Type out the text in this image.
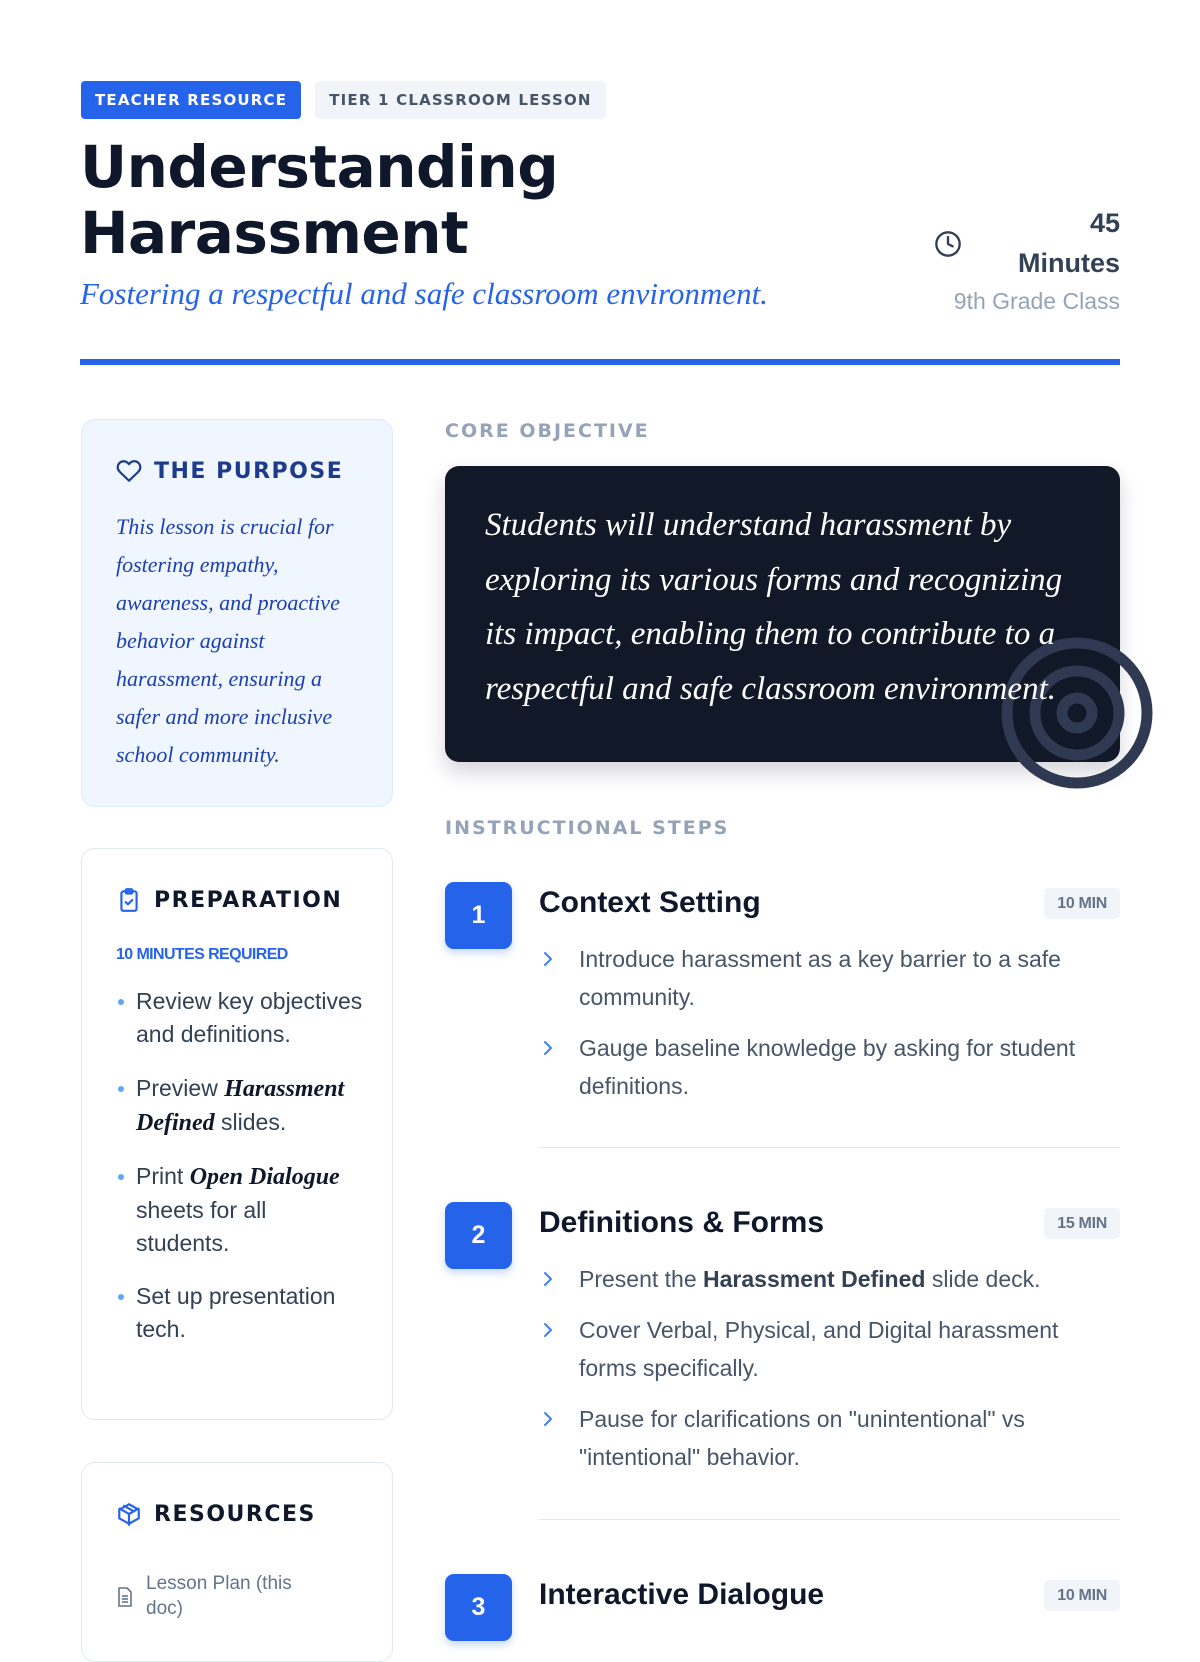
TEACHER RESOURCE	TIER 1 CLASSROOM LESSON
Understanding
Harassment
Fostering a respectful and safe classroom environment.
45
Minutes
9th Grade Class
THE PURPOSE

This lesson is crucial for fostering empathy, awareness, and proactive behavior against harassment, ensuring a safer and more inclusive school community.

PREPARATION
10 MINUTES REQUIRED
Review key objectives and definitions.
Preview Harassment Defined slides.
Print Open Dialogue sheets for all students.
Set up presentation tech.
RESOURCES
Lesson Plan (this doc)
CORE OBJECTIVE

Students will understand harassment by exploring its various forms and recognizing its impact, enabling them to contribute to a respectful and safe classroom environment.

INSTRUCTIONAL STEPS
1	Context Setting	10 MIN
Introduce harassment as a key barrier to a safe community.
Gauge baseline knowledge by asking for student definitions.
2	Definitions & Forms	15 MIN
Present the Harassment Defined slide deck.
Cover Verbal, Physical, and Digital harassment forms specifically.
Pause for clarifications on "unintentional" vs "intentional" behavior.
3	Interactive Dialogue	10 MIN
